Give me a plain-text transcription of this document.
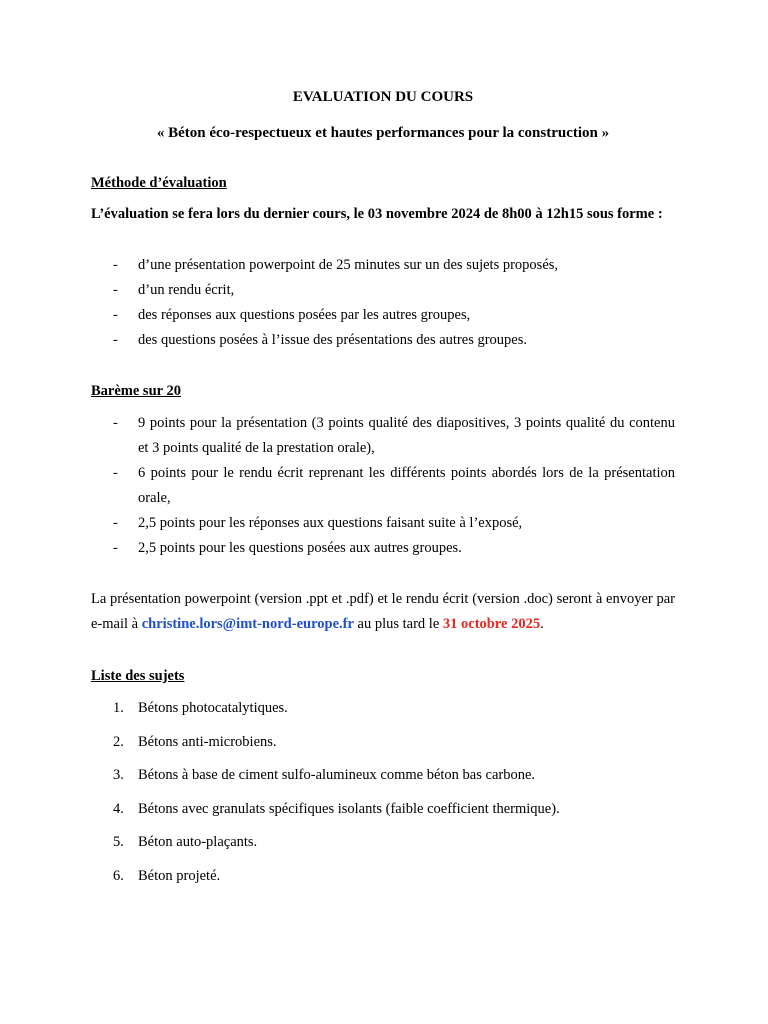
EVALUATION DU COURS
« Béton éco-respectueux et hautes performances pour la construction »
Méthode d’évaluation
L’évaluation se fera lors du dernier cours, le 03 novembre 2024 de 8h00 à 12h15 sous forme :
- d’une présentation powerpoint de 25 minutes sur un des sujets proposés,
- d’un rendu écrit,
- des réponses aux questions posées par les autres groupes,
- des questions posées à l’issue des présentations des autres groupes.
Barème sur 20
- 9 points pour la présentation (3 points qualité des diapositives, 3 points qualité du contenu et 3 points qualité de la prestation orale),
- 6 points pour le rendu écrit reprenant les différents points abordés lors de la présentation orale,
- 2,5 points pour les réponses aux questions faisant suite à l’exposé,
- 2,5 points pour les questions posées aux autres groupes.
La présentation powerpoint (version .ppt et .pdf) et le rendu écrit (version .doc) seront à envoyer par e-mail à christine.lors@imt-nord-europe.fr au plus tard le 31 octobre 2025.
Liste des sujets
1. Bétons photocatalytiques.
2. Bétons anti-microbiens.
3. Bétons à base de ciment sulfo-alumineux comme béton bas carbone.
4. Bétons avec granulats spécifiques isolants (faible coefficient thermique).
5. Béton auto-plaçants.
6. Béton projeté.
